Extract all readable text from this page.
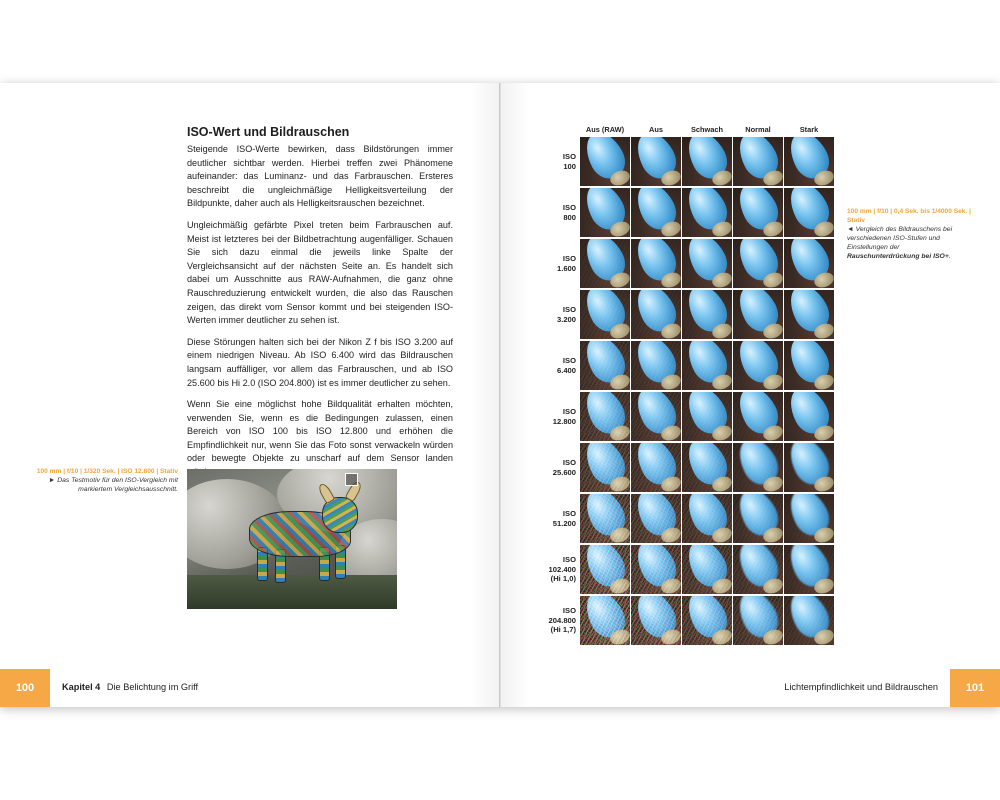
ISO-Wert und Bildrauschen

Steigende ISO-Werte bewirken, dass Bildstörungen immer deutlicher sichtbar werden. Hierbei treffen zwei Phänomene aufeinander: das Luminanz- und das Farbrauschen. Ersteres beschreibt die ungleichmäßige Helligkeitsverteilung der Bildpunkte, daher auch als Helligkeitsrauschen bezeichnet.

Ungleichmäßig gefärbte Pixel treten beim Farbrauschen auf. Meist ist letzteres bei der Bildbetrachtung augenfälliger. Schauen Sie sich dazu einmal die jeweils linke Spalte der Vergleichsansicht auf der nächsten Seite an. Es handelt sich dabei um Ausschnitte aus RAW-Aufnahmen, die ganz ohne Rauschreduzierung entwickelt wurden, die also das Rauschen zeigen, das direkt vom Sensor kommt und bei steigenden ISO-Werten immer deutlicher zu sehen ist.

Diese Störungen halten sich bei der Nikon Z f bis ISO 3.200 auf einem niedrigen Niveau. Ab ISO 6.400 wird das Bildrauschen langsam auffälliger, vor allem das Farbrauschen, und ab ISO 25.600 bis Hi 2.0 (ISO 204.800) ist es immer deutlicher zu sehen.

Wenn Sie eine möglichst hohe Bildqualität erhalten möchten, verwenden Sie, wenn es die Bedingungen zulassen, einen Bereich von ISO 100 bis ISO 12.800 und erhöhen die Empfindlichkeit nur, wenn Sie das Foto sonst verwackeln würden oder bewegte Objekte zu unscharf auf dem Sensor landen

100 mm | f/10 | 1/320 Sek. | ISO 12.800 | Stativ
► Das Testmotiv für den ISO-Vergleich mit markiertem Vergleichsausschnitt.
100	Kapitel 4 Die Belichtung im Griff
Aus (RAW)	Aus	Schwach	Normal	Stark
ISO
100
ISO
800
ISO
1.600
ISO
3.200
ISO
6.400
ISO
12.800
ISO
25.600
ISO
51.200
ISO
102.400
(Hi 1,0)
ISO
204.800
(Hi 1,7)
100 mm | f/10 | 0,4 Sek. bis 1/4000 Sek. | Stativ
◄ Vergleich des Bildrauschens bei verschiedenen ISO-Stufen und Einstellungen der Rauschunterdrückung bei ISO+.
Lichtempfindlichkeit und Bildrauschen	101
